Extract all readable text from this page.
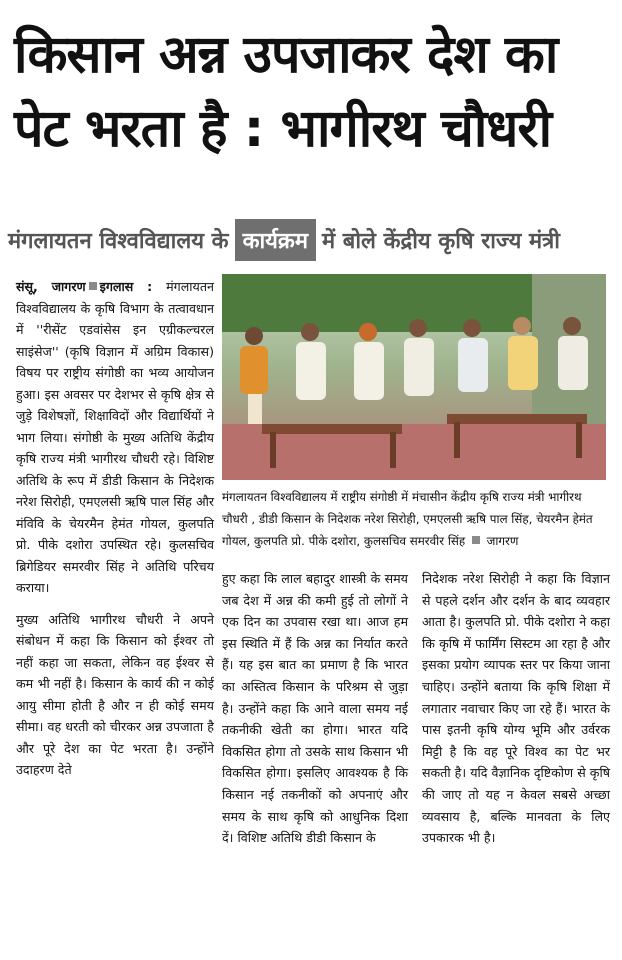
किसान अन्न उपजाकर देश का
पेट भरता है : भागीरथ चौधरी
मंगलायतन विश्वविद्यालय के कार्यक्रम में बोले केंद्रीय कृषि राज्य मंत्री

संसू, जागरण इगलास : मंगलायतन विश्वविद्यालय के कृषि विभाग के तत्वावधान में ''रीसेंट एडवांसेस इन एग्रीकल्चरल साइंसेज'' (कृषि विज्ञान में अग्रिम विकास) विषय पर राष्ट्रीय संगोष्ठी का भव्य आयोजन हुआ। इस अवसर पर देशभर से कृषि क्षेत्र से जुड़े विशेषज्ञों, शिक्षाविदों और विद्यार्थियों ने भाग लिया। संगोष्ठी के मुख्य अतिथि केंद्रीय कृषि राज्य मंत्री भागीरथ चौधरी रहे। विशिष्ट अतिथि के रूप में डीडी किसान के निदेशक नरेश सिरोही, एमएलसी ऋषि पाल सिंह और मंविवि के चेयरमैन हेमंत गोयल, कुलपति प्रो. पीके दशोरा उपस्थित रहे। कुलसचिव ब्रिगेडियर समरवीर सिंह ने अतिथि परिचय कराया।

मुख्य अतिथि भागीरथ चौधरी ने अपने संबोधन में कहा कि किसान को ईश्वर तो नहीं कहा जा सकता, लेकिन वह ईश्वर से कम भी नहीं है। किसान के कार्य की न कोई आयु सीमा होती है और न ही कोई समय सीमा। वह धरती को चीरकर अन्न उपजाता है और पूरे देश का पेट भरता है। उन्होंने उदाहरण देते

मंगलायतन विश्वविद्यालय में राष्ट्रीय संगोष्ठी में मंचासीन केंद्रीय कृषि राज्य मंत्री भागीरथ चौधरी , डीडी किसान के निदेशक नरेश सिरोही, एमएलसी ऋषि पाल सिंह, चेयरमैन हेमंत गोयल, कुलपति प्रो. पीके दशोरा, कुलसचिव समरवीर सिंह जागरण

हुए कहा कि लाल बहादुर शास्त्री के समय जब देश में अन्न की कमी हुई तो लोगों ने एक दिन का उपवास रखा था। आज हम इस स्थिति में हैं कि अन्न का निर्यात करते हैं। यह इस बात का प्रमाण है कि भारत का अस्तित्व किसान के परिश्रम से जुड़ा है। उन्होंने कहा कि आने वाला समय नई तकनीकी खेती का होगा। भारत यदि विकसित होगा तो उसके साथ किसान भी विकसित होगा। इसलिए आवश्यक है कि किसान नई तकनीकों को अपनाएं और समय के साथ कृषि को आधुनिक दिशा दें। विशिष्ट अतिथि डीडी किसान के

निदेशक नरेश सिरोही ने कहा कि विज्ञान से पहले दर्शन और दर्शन के बाद व्यवहार आता है। कुलपति प्रो. पीके दशोरा ने कहा कि कृषि में फार्मिंग सिस्टम आ रहा है और इसका प्रयोग व्यापक स्तर पर किया जाना चाहिए। उन्होंने बताया कि कृषि शिक्षा में लगातार नवाचार किए जा रहे हैं। भारत के पास इतनी कृषि योग्य भूमि और उर्वरक मिट्टी है कि वह पूरे विश्व का पेट भर सकती है। यदि वैज्ञानिक दृष्टिकोण से कृषि की जाए तो यह न केवल सबसे अच्छा व्यवसाय है, बल्कि मानवता के लिए उपकारक भी है।
